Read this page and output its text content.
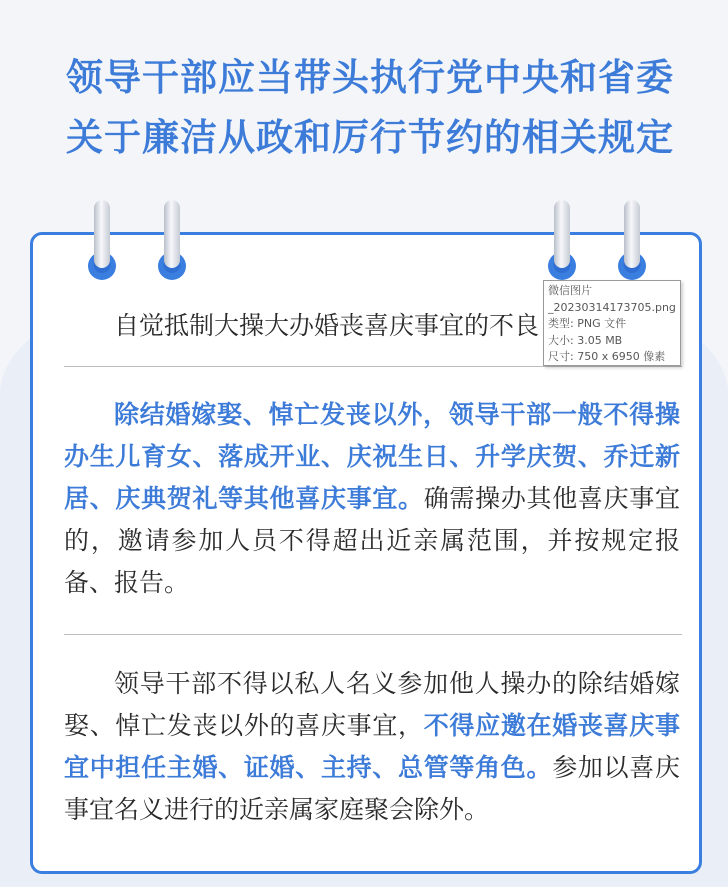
领导干部应当带头执行党中央和省委
关于廉洁从政和厉行节约的相关规定

自觉抵制大操大办婚丧喜庆事宜的不良

除结婚嫁娶、悼亡发丧以外，领导干部一般不得操办生儿育女、落成开业、庆祝生日、升学庆贺、乔迁新居、庆典贺礼等其他喜庆事宜。确需操办其他喜庆事宜的，邀请参加人员不得超出近亲属范围，并按规定报备、报告。

领导干部不得以私人名义参加他人操办的除结婚嫁娶、悼亡发丧以外的喜庆事宜，不得应邀在婚丧喜庆事宜中担任主婚、证婚、主持、总管等角色。参加以喜庆事宜名义进行的近亲属家庭聚会除外。

微信图片
_20230314173705.png
类型: PNG 文件
大小: 3.05 MB
尺寸: 750 x 6950 像素
